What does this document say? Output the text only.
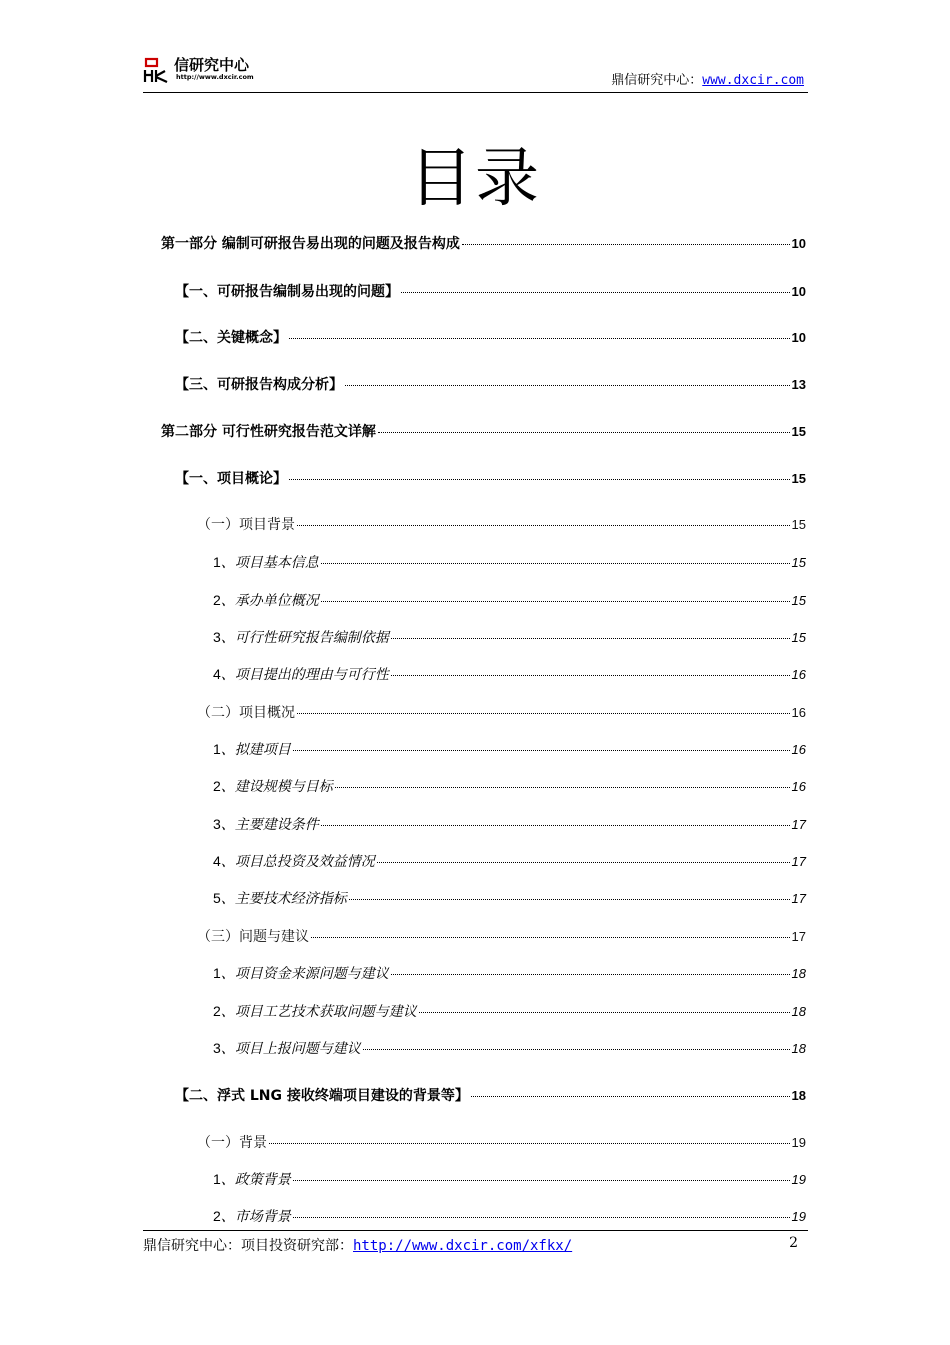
信研究中心
http://www.dxcir.com	鼎信研究中心：www.dxcir.com
目录
第一部分 编制可研报告易出现的问题及报告构成	10
【一、可研报告编制易出现的问题】	10
【二、关键概念】	10
【三、可研报告构成分析】	13
第二部分 可行性研究报告范文详解	15
【一、项目概论】	15
（一）项目背景	15
1、项目基本信息	15
2、承办单位概况	15
3、可行性研究报告编制依据	15
4、项目提出的理由与可行性	16
（二）项目概况	16
1、拟建项目	16
2、建设规模与目标	16
3、主要建设条件	17
4、项目总投资及效益情况	17
5、主要技术经济指标	17
（三）问题与建议	17
1、项目资金来源问题与建议	18
2、项目工艺技术获取问题与建议	18
3、项目上报问题与建议	18
【二、浮式 LNG 接收终端项目建设的背景等】	18
（一）背景	19
1、政策背景	19
2、市场背景	19
鼎信研究中心：项目投资研究部：http://www.dxcir.com/xfkx/	2
